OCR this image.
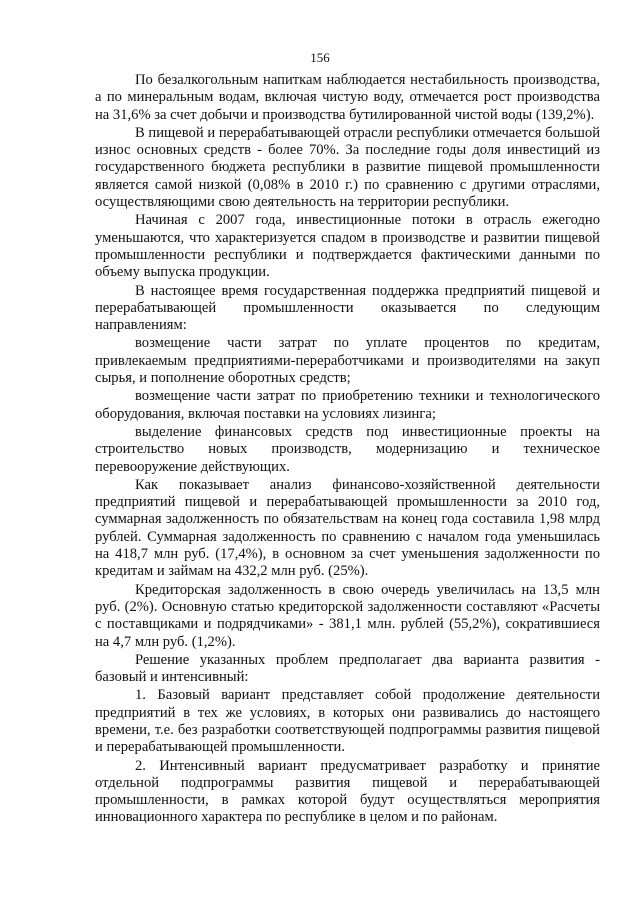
156

По безалкогольным напиткам наблюдается нестабильность производства, а по минеральным водам, включая чистую воду, отмечается рост производства на 31,6% за счет добычи и производства бутилированной чистой воды (139,2%).

В пищевой и перерабатывающей отрасли республики отмечается большой износ основных средств - более 70%. За последние годы доля инвестиций из государственного бюджета республики в развитие пищевой промышленности является самой низкой (0,08% в 2010 г.) по сравнению с другими отраслями, осуществляющими свою деятельность на территории республики.

Начиная с 2007 года, инвестиционные потоки в отрасль ежегодно уменьшаются, что характеризуется спадом в производстве и развитии пищевой промышленности республики и подтверждается фактическими данными по объему выпуска продукции.

В настоящее время государственная поддержка предприятий пищевой и перерабатывающей промышленности оказывается по следующим направлениям:

возмещение части затрат по уплате процентов по кредитам, привлекаемым предприятиями-переработчиками и производителями на закуп сырья, и пополнение оборотных средств;

возмещение части затрат по приобретению техники и технологического оборудования, включая поставки на условиях лизинга;

выделение финансовых средств под инвестиционные проекты на строительство новых производств, модернизацию и техническое перевооружение действующих.

Как показывает анализ финансово-хозяйственной деятельности предприятий пищевой и перерабатывающей промышленности за 2010 год, суммарная задолженность по обязательствам на конец года составила 1,98 млрд рублей. Суммарная задолженность по сравнению с началом года уменьшилась на 418,7 млн руб. (17,4%), в основном за счет уменьшения задолженности по кредитам и займам на 432,2 млн руб. (25%).

Кредиторская задолженность в свою очередь увеличилась на 13,5 млн руб. (2%). Основную статью кредиторской задолженности составляют «Расчеты с поставщиками и подрядчиками» - 381,1 млн. рублей (55,2%), сократившиеся на 4,7 млн руб. (1,2%).

Решение указанных проблем предполагает два варианта развития - базовый и интенсивный:

1. Базовый вариант представляет собой продолжение деятельности предприятий в тех же условиях, в которых они развивались до настоящего времени, т.е. без разработки соответствующей подпрограммы развития пищевой и перерабатывающей промышленности.

2. Интенсивный вариант предусматривает разработку и принятие отдельной подпрограммы развития пищевой и перерабатывающей промышленности, в рамках которой будут осуществляться мероприятия инновационного характера по республике в целом и по районам.
